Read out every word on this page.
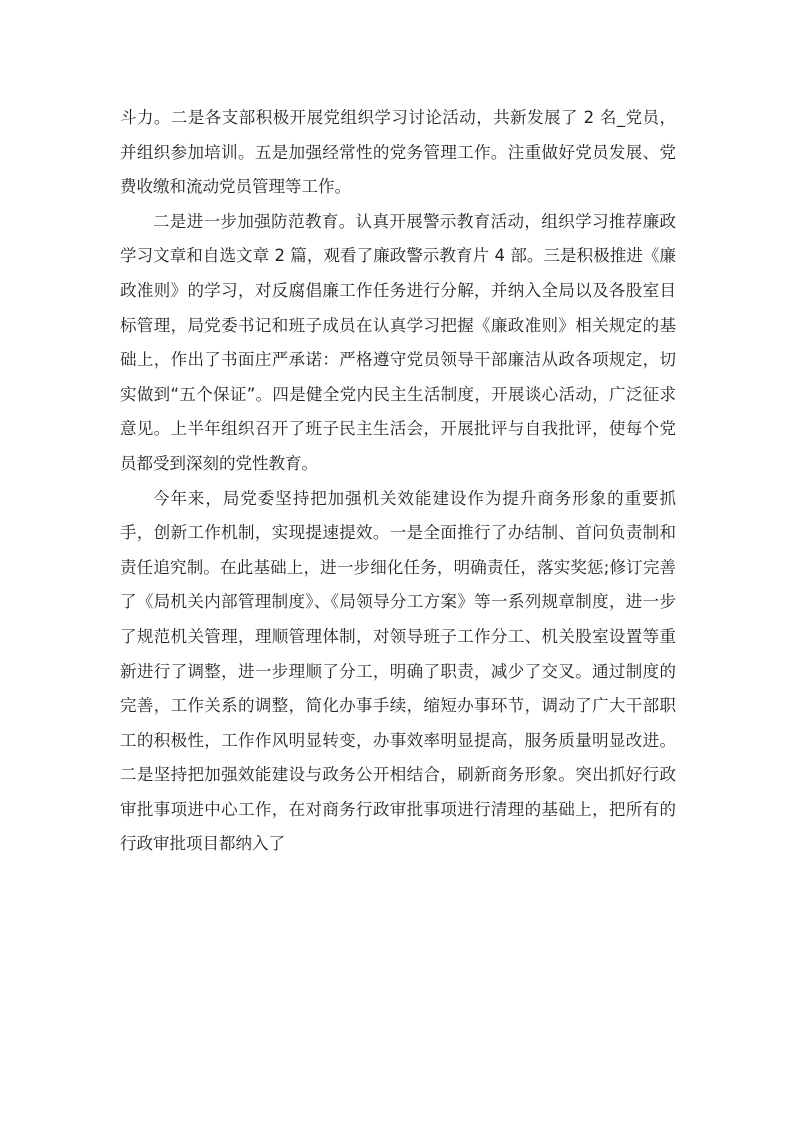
斗力。二是各支部积极开展党组织学习讨论活动，共新发展了 2 名_党员，并组织参加培训。五是加强经常性的党务管理工作。注重做好党员发展、党费收缴和流动党员管理等工作。

二是进一步加强防范教育。认真开展警示教育活动，组织学习推荐廉政学习文章和自选文章 2 篇，观看了廉政警示教育片 4 部。三是积极推进《廉政准则》的学习，对反腐倡廉工作任务进行分解，并纳入全局以及各股室目标管理，局党委书记和班子成员在认真学习把握《廉政准则》相关规定的基础上，作出了书面庄严承诺：严格遵守党员领导干部廉洁从政各项规定，切实做到“五个保证”。四是健全党内民主生活制度，开展谈心活动，广泛征求意见。上半年组织召开了班子民主生活会，开展批评与自我批评，使每个党员都受到深刻的党性教育。

今年来，局党委坚持把加强机关效能建设作为提升商务形象的重要抓手，创新工作机制，实现提速提效。一是全面推行了办结制、首问负责制和责任追究制。在此基础上，进一步细化任务，明确责任，落实奖惩;修订完善了《局机关内部管理制度》、《局领导分工方案》等一系列规章制度，进一步了规范机关管理，理顺管理体制，对领导班子工作分工、机关股室设置等重新进行了调整，进一步理顺了分工，明确了职责，减少了交叉。通过制度的完善，工作关系的调整，简化办事手续，缩短办事环节，调动了广大干部职工的积极性，工作作风明显转变，办事效率明显提高，服务质量明显改进。二是坚持把加强效能建设与政务公开相结合，刷新商务形象。突出抓好行政审批事项进中心工作，在对商务行政审批事项进行清理的基础上，把所有的行政审批项目都纳入了
